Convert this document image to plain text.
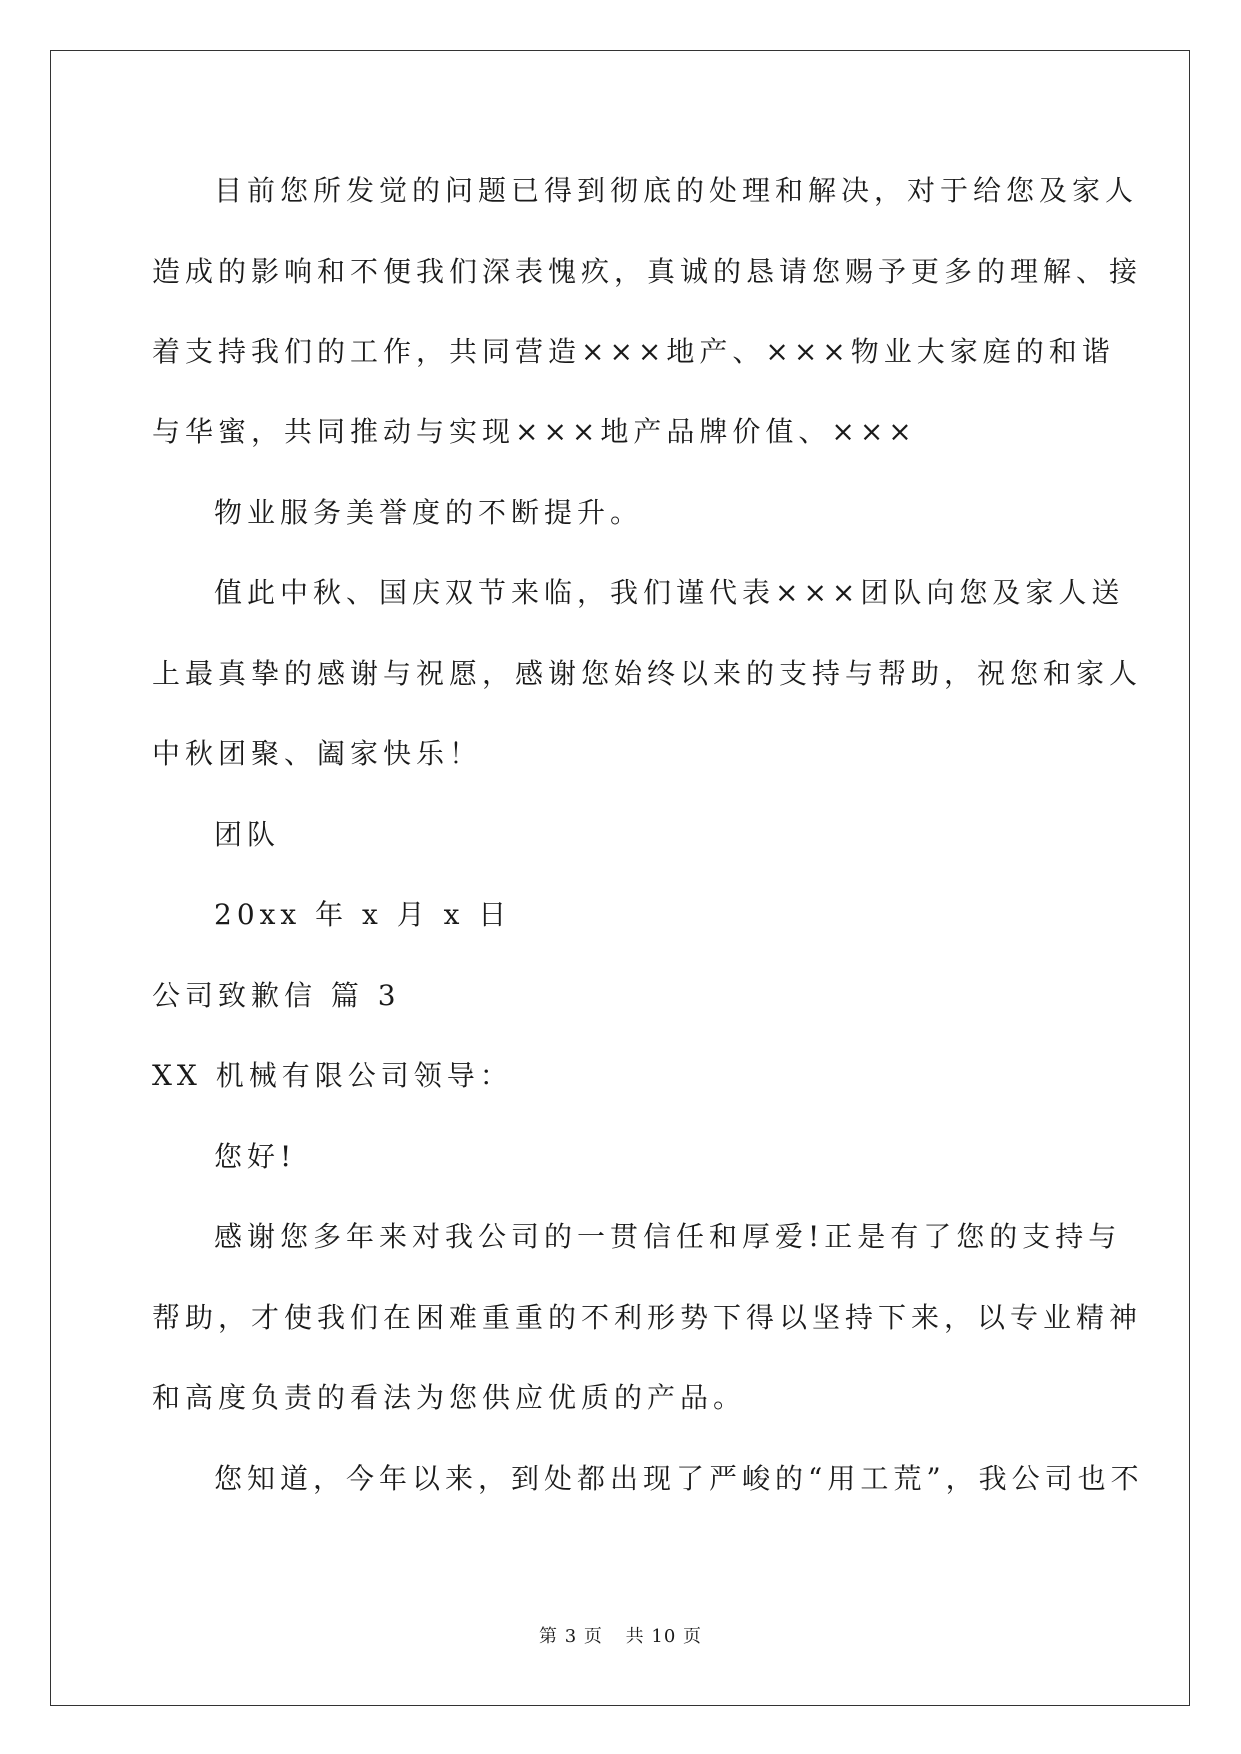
目前您所发觉的问题已得到彻底的处理和解决，对于给您及家人
造成的影响和不便我们深表愧疚，真诚的恳请您赐予更多的理解、接
着支持我们的工作，共同营造×××地产、×××物业大家庭的和谐
与华蜜，共同推动与实现×××地产品牌价值、×××
物业服务美誉度的不断提升。
值此中秋、国庆双节来临，我们谨代表×××团队向您及家人送
上最真挚的感谢与祝愿，感谢您始终以来的支持与帮助，祝您和家人
中秋团聚、阖家快乐！
团队
20xx 年 x 月 x 日
公司致歉信 篇 3
XX 机械有限公司领导：
您好!
感谢您多年来对我公司的一贯信任和厚爱!正是有了您的支持与
帮助，才使我们在困难重重的不利形势下得以坚持下来，以专业精神
和高度负责的看法为您供应优质的产品。
您知道，今年以来，到处都出现了严峻的“用工荒”，我公司也不
第 3 页 共 10 页
